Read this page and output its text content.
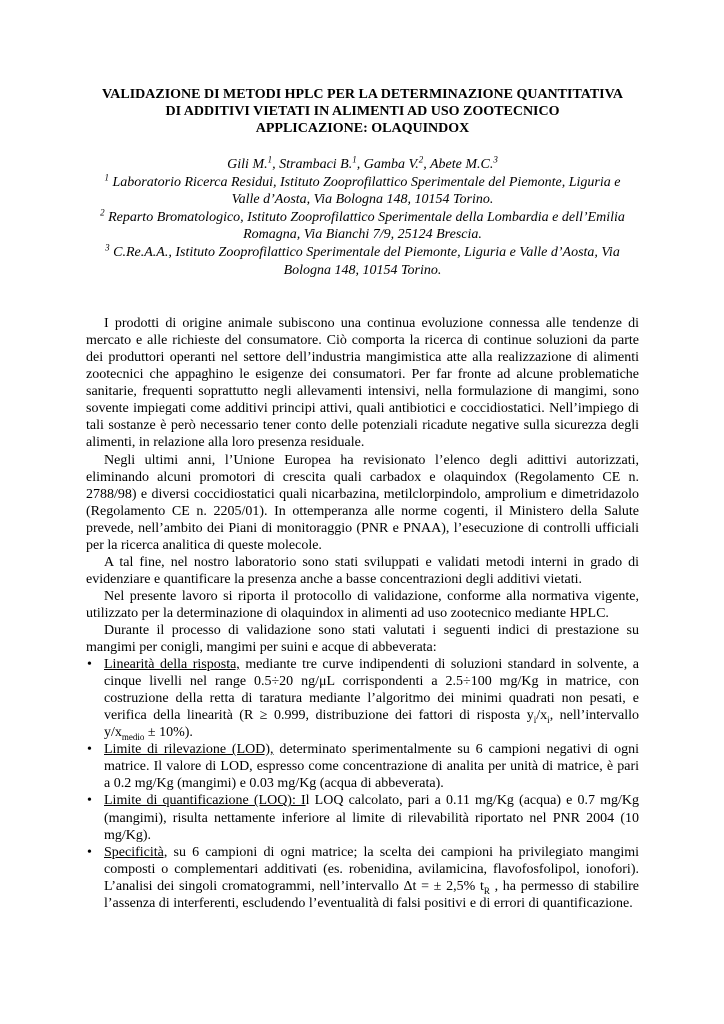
VALIDAZIONE DI METODI HPLC PER LA DETERMINAZIONE QUANTITATIVA
DI ADDITIVI VIETATI IN ALIMENTI AD USO ZOOTECNICO
APPLICAZIONE: OLAQUINDOX
Gili M.$^1$, Strambaci B.$^1$, Gamba V.$^2$, Abete M.C.$^3$
$^1$ Laboratorio Ricerca Residui, Istituto Zooprofilattico Sperimentale del Piemonte, Liguria e
Valle d’Aosta, Via Bologna 148, 10154 Torino.
$^2$ Reparto Bromatologico, Istituto Zooprofilattico Sperimentale della Lombardia e dell’Emilia
Romagna, Via Bianchi 7/9, 25124 Brescia.
$^3$ C.Re.A.A., Istituto Zooprofilattico Sperimentale del Piemonte, Liguria e Valle d’Aosta, Via
Bologna 148, 10154 Torino.

I prodotti di origine animale subiscono una continua evoluzione connessa alle tendenze di mercato e alle richieste del consumatore. Ciò comporta la ricerca di continue soluzioni da parte dei produttori operanti nel settore dell’industria mangimistica atte alla realizzazione di alimenti zootecnici che appaghino le esigenze dei consumatori. Per far fronte ad alcune problematiche sanitarie, frequenti soprattutto negli allevamenti intensivi, nella formulazione di mangimi, sono sovente impiegati come additivi principi attivi, quali antibiotici e coccidiostatici. Nell’impiego di tali sostanze è però necessario tener conto delle potenziali ricadute negative sulla sicurezza degli alimenti, in relazione alla loro presenza residuale.

Negli ultimi anni, l’Unione Europea ha revisionato l’elenco degli adittivi autorizzati, eliminando alcuni promotori di crescita quali carbadox e olaquindox (Regolamento CE n. 2788/98) e diversi coccidiostatici quali nicarbazina, metilclorpindolo, amprolium e dimetridazolo (Regolamento CE n. 2205/01). In ottemperanza alle norme cogenti, il Ministero della Salute prevede, nell’ambito dei Piani di monitoraggio (PNR e PNAA), l’esecuzione di controlli ufficiali per la ricerca analitica di queste molecole.

A tal fine, nel nostro laboratorio sono stati sviluppati e validati metodi interni in grado di evidenziare e quantificare la presenza anche a basse concentrazioni degli additivi vietati.

Nel presente lavoro si riporta il protocollo di validazione, conforme alla normativa vigente, utilizzato per la determinazione di olaquindox in alimenti ad uso zootecnico mediante HPLC.

Durante il processo di validazione sono stati valutati i seguenti indici di prestazione su mangimi per conigli, mangimi per suini e acque di abbeverata:

• Linearità della risposta, mediante tre curve indipendenti di soluzioni standard in solvente, a cinque livelli nel range 0.5÷20 ng/μL corrispondenti a 2.5÷100 mg/Kg in matrice, con costruzione della retta di taratura mediante l’algoritmo dei minimi quadrati non pesati, e verifica della linearità (R ≥ 0.999, distribuzione dei fattori di risposta $y_i/x_i$, nell’intervallo $y/x_{medio} \pm 10\%$).
• Limite di rilevazione (LOD), determinato sperimentalmente su 6 campioni negativi di ogni matrice. Il valore di LOD, espresso come concentrazione di analita per unità di matrice, è pari a 0.2 mg/Kg (mangimi) e 0.03 mg/Kg (acqua di abbeverata).
• Limite di quantificazione (LOQ): Il LOQ calcolato, pari a 0.11 mg/Kg (acqua) e 0.7 mg/Kg (mangimi), risulta nettamente inferiore al limite di rilevabilità riportato nel PNR 2004 (10 mg/Kg).
• Specificità, su 6 campioni di ogni matrice; la scelta dei campioni ha privilegiato mangimi composti o complementari additivati (es. robenidina, avilamicina, flavofosfolipol, ionofori). L’analisi dei singoli cromatogrammi, nell’intervallo Δt = ± 2,5% $t_R$ , ha permesso di stabilire l’assenza di interferenti, escludendo l’eventualità di falsi positivi e di errori di quantificazione.
